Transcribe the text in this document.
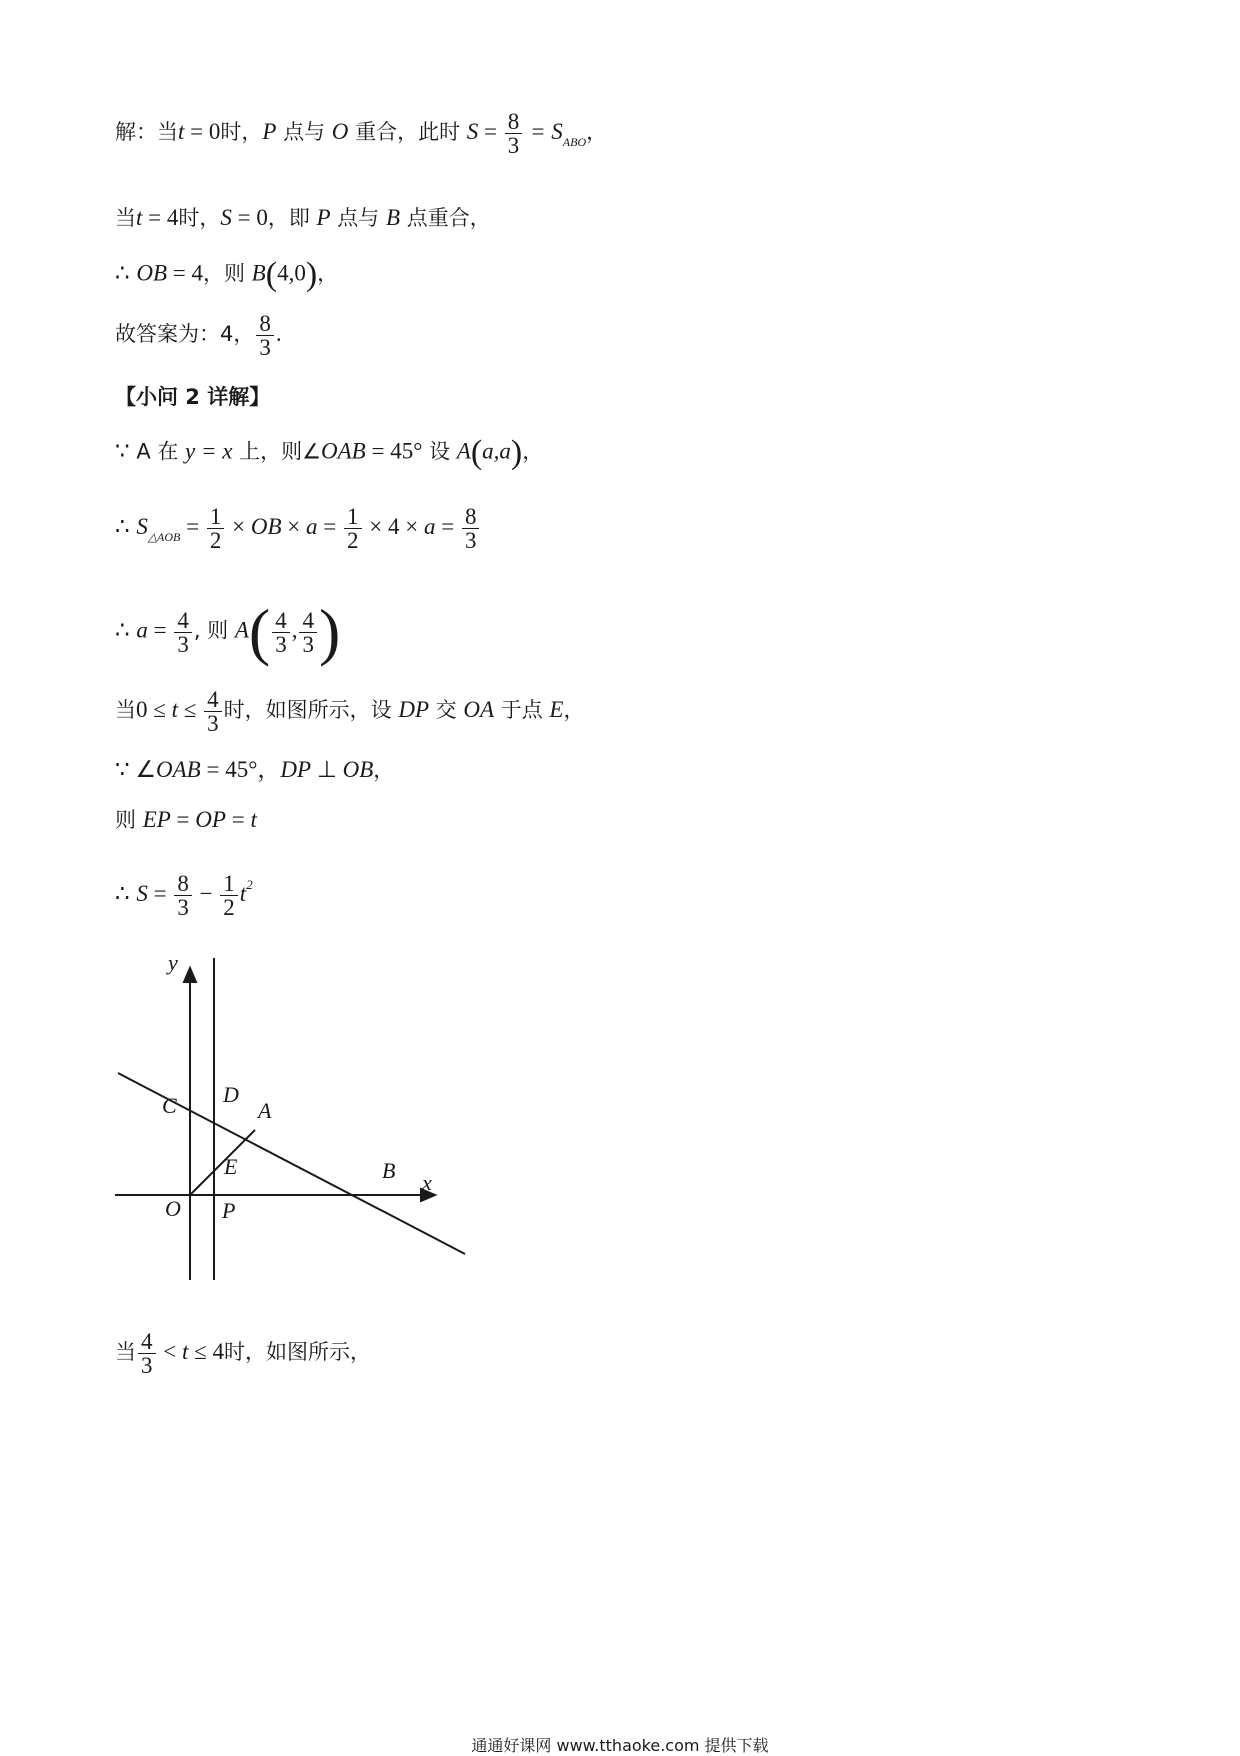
解：当t = 0时，P 点与 O 重合，此时 $S = \frac{8}{3} = S_{ABO}$，
当t = 4时，S = 0，即 P 点与 B 点重合，
∴ OB = 4，则 B(4,0)，
故答案为：4， $\frac{8}{3}$ .
【小问 2 详解】
∵ A 在 y = x 上，则∠OAB = 45° 设 A(a,a)，
∴ $S_{\triangle AOB} = \frac{1}{2}$ × OB × $a = \frac{1}{2} \times 4 \times a = \frac{8}{3}$
∴ $a = \frac{4}{3}$ , 则 $A( \frac{4}{3}$ , $\frac{4}{3}$ )
当$0 \le t \le \frac{4}{3}$ 时，如图所示，设 DP 交 OA 于点 E，
∵ ∠OAB = 45°，DP ⊥ OB，
则 EP = OP = t
∴ $S = \frac{8}{3} - \frac{1}{2} t^2$
y
x
C D
A
E	B
O P
当 $\frac{4}{3} < t \le 4$时，如图所示，
通通好课网 www.tthaoke.com 提供下载
